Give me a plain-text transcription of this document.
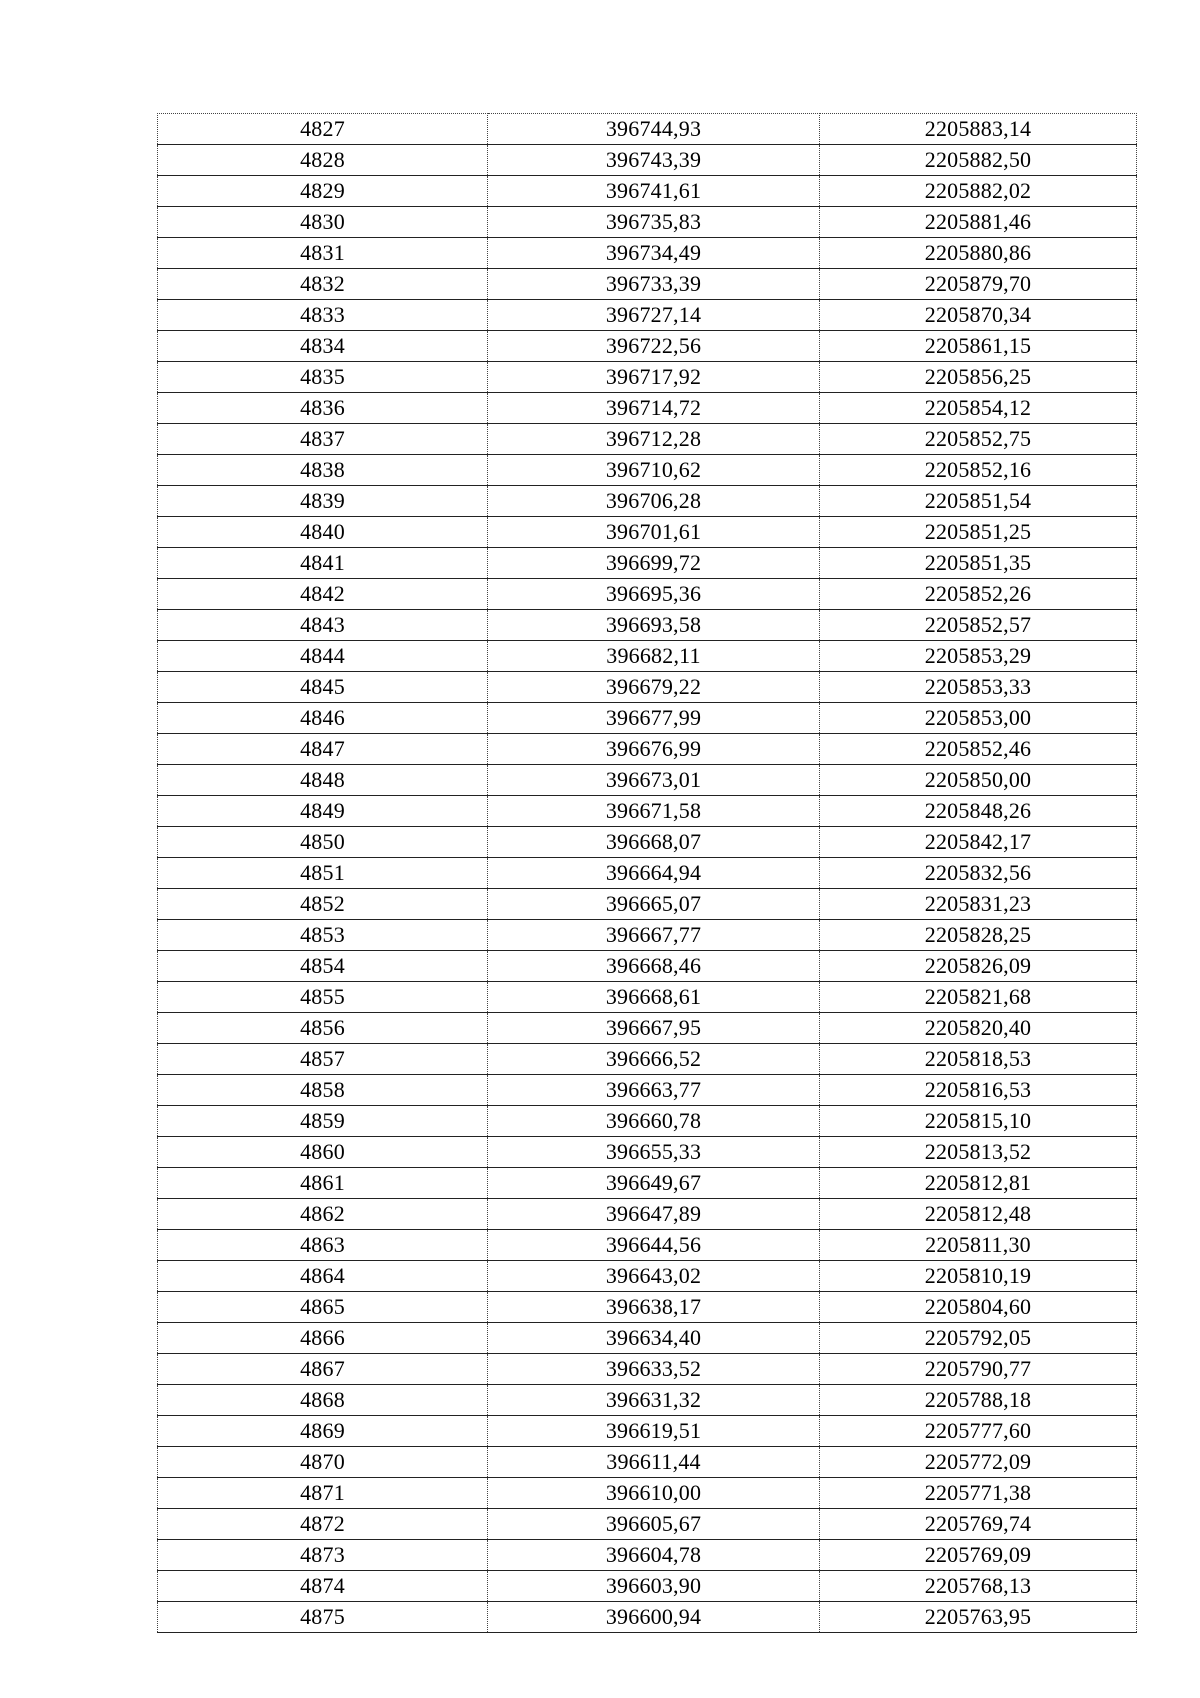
4827	396744,93	2205883,14
4828	396743,39	2205882,50
4829	396741,61	2205882,02
4830	396735,83	2205881,46
4831	396734,49	2205880,86
4832	396733,39	2205879,70
4833	396727,14	2205870,34
4834	396722,56	2205861,15
4835	396717,92	2205856,25
4836	396714,72	2205854,12
4837	396712,28	2205852,75
4838	396710,62	2205852,16
4839	396706,28	2205851,54
4840	396701,61	2205851,25
4841	396699,72	2205851,35
4842	396695,36	2205852,26
4843	396693,58	2205852,57
4844	396682,11	2205853,29
4845	396679,22	2205853,33
4846	396677,99	2205853,00
4847	396676,99	2205852,46
4848	396673,01	2205850,00
4849	396671,58	2205848,26
4850	396668,07	2205842,17
4851	396664,94	2205832,56
4852	396665,07	2205831,23
4853	396667,77	2205828,25
4854	396668,46	2205826,09
4855	396668,61	2205821,68
4856	396667,95	2205820,40
4857	396666,52	2205818,53
4858	396663,77	2205816,53
4859	396660,78	2205815,10
4860	396655,33	2205813,52
4861	396649,67	2205812,81
4862	396647,89	2205812,48
4863	396644,56	2205811,30
4864	396643,02	2205810,19
4865	396638,17	2205804,60
4866	396634,40	2205792,05
4867	396633,52	2205790,77
4868	396631,32	2205788,18
4869	396619,51	2205777,60
4870	396611,44	2205772,09
4871	396610,00	2205771,38
4872	396605,67	2205769,74
4873	396604,78	2205769,09
4874	396603,90	2205768,13
4875	396600,94	2205763,95
